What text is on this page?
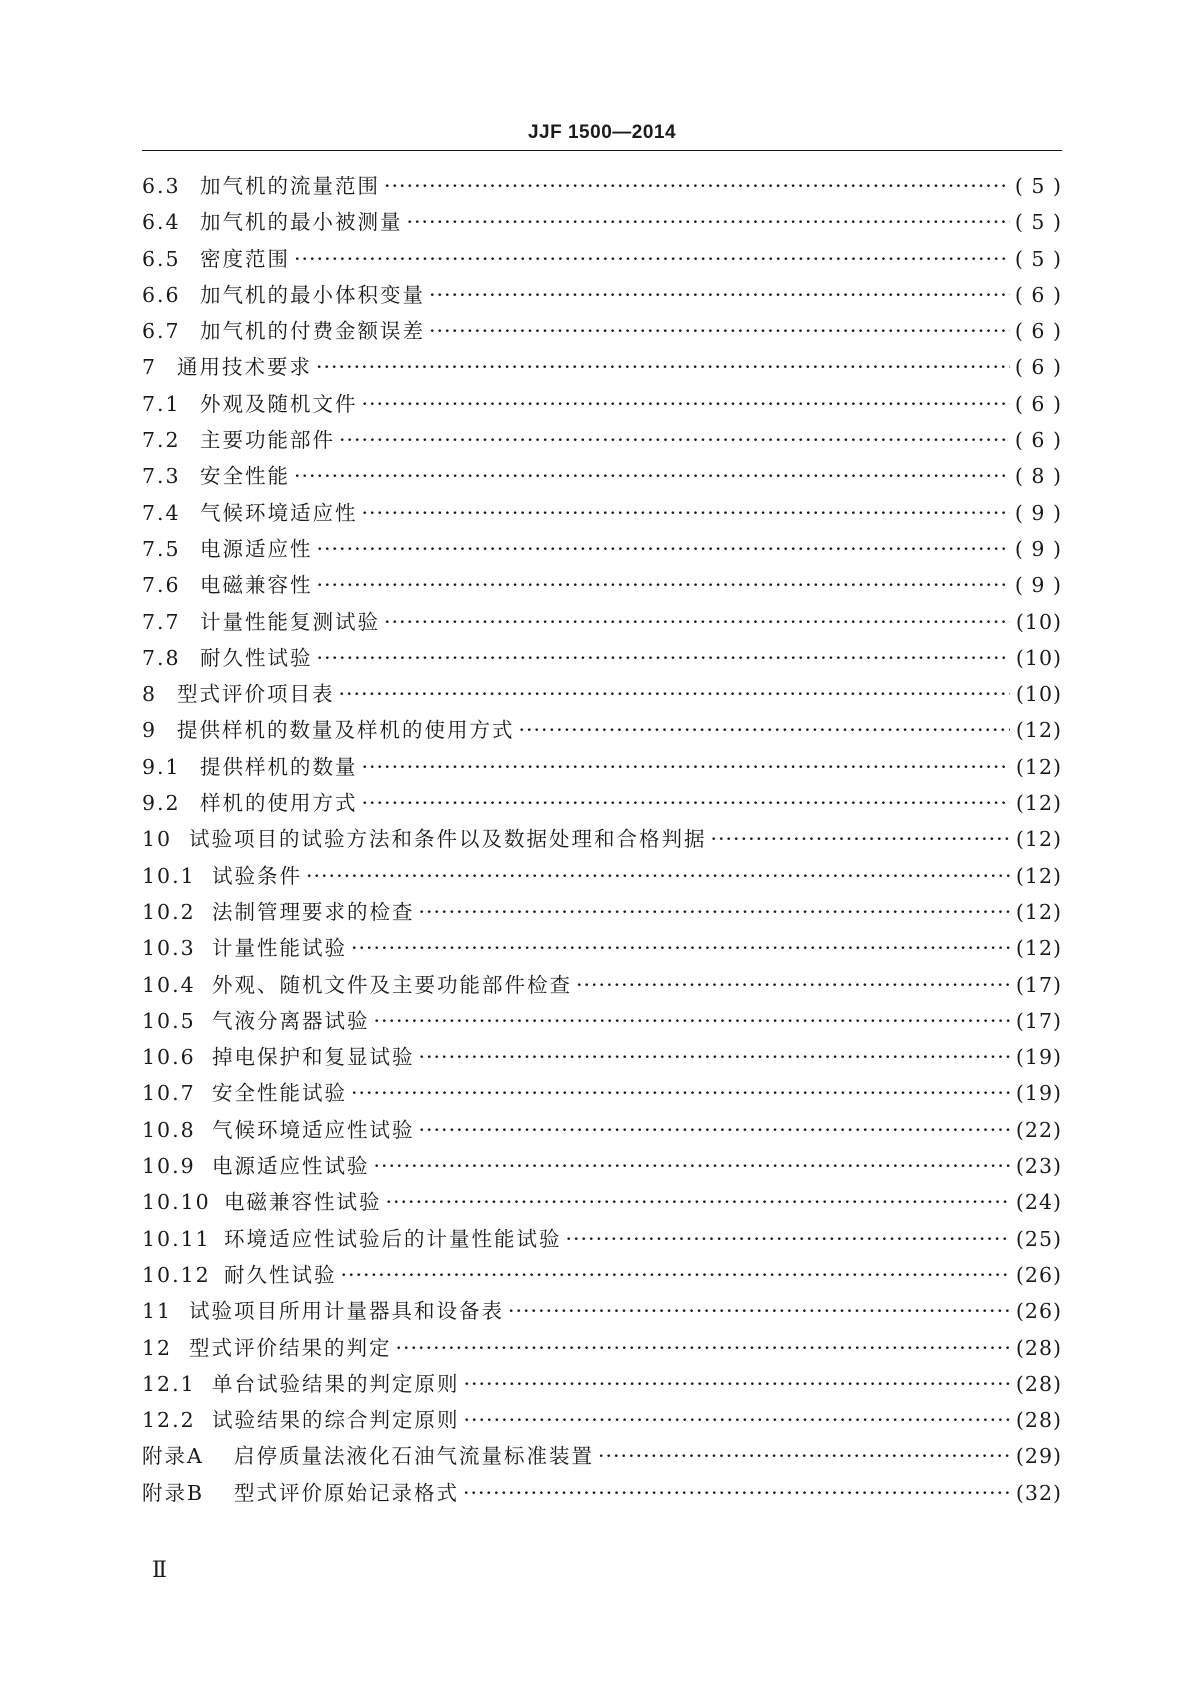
JJF 1500—2014
6.3 加气机的流量范围 ·····	( 5 )
6.4 加气机的最小被测量 ·····	( 5 )
6.5 密度范围 ·····	( 5 )
6.6 加气机的最小体积变量 ·····	( 6 )
6.7 加气机的付费金额误差 ·····	( 6 )
7 通用技术要求 ·····	( 6 )
7.1 外观及随机文件 ·····	( 6 )
7.2 主要功能部件 ·····	( 6 )
7.3 安全性能 ·····	( 8 )
7.4 气候环境适应性 ·····	( 9 )
7.5 电源适应性 ·····	( 9 )
7.6 电磁兼容性 ·····	( 9 )
7.7 计量性能复测试验 ·····	(10)
7.8 耐久性试验 ·····	(10)
8 型式评价项目表 ·····	(10)
9 提供样机的数量及样机的使用方式 ·····	(12)
9.1 提供样机的数量 ·····	(12)
9.2 样机的使用方式 ·····	(12)
10 试验项目的试验方法和条件以及数据处理和合格判据 ·····	(12)
10.1 试验条件 ·····	(12)
10.2 法制管理要求的检查 ·····	(12)
10.3 计量性能试验 ·····	(12)
10.4 外观、随机文件及主要功能部件检查 ·····	(17)
10.5 气液分离器试验 ·····	(17)
10.6 掉电保护和复显试验 ·····	(19)
10.7 安全性能试验 ·····	(19)
10.8 气候环境适应性试验 ·····	(22)
10.9 电源适应性试验 ·····	(23)
10.10 电磁兼容性试验 ·····	(24)
10.11 环境适应性试验后的计量性能试验 ·····	(25)
10.12 耐久性试验 ·····	(26)
11 试验项目所用计量器具和设备表 ·····	(26)
12 型式评价结果的判定 ·····	(28)
12.1 单台试验结果的判定原则 ·····	(28)
12.2 试验结果的综合判定原则 ·····	(28)
附录A	启停质量法液化石油气流量标准装置 ·····	(29)
附录B	型式评价原始记录格式 ·····	(32)
Ⅱ
